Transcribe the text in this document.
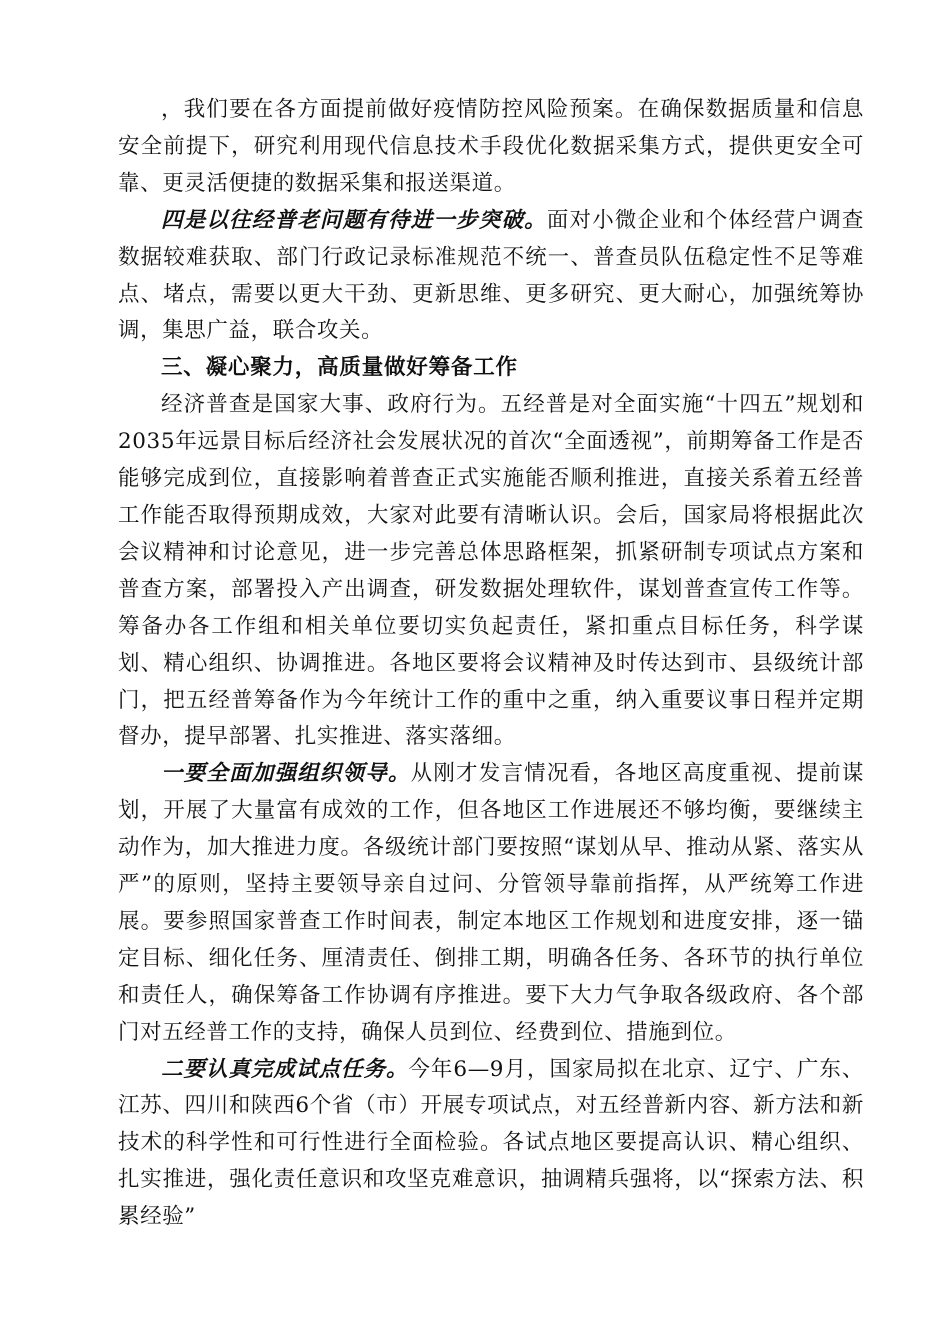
，我们要在各方面提前做好疫情防控风险预案。在确保数据质量和信息安全前提下，研究利用现代信息技术手段优化数据采集方式，提供更安全可靠、更灵活便捷的数据采集和报送渠道。

四是以往经普老问题有待进一步突破。面对小微企业和个体经营户调查数据较难获取、部门行政记录标准规范不统一、普查员队伍稳定性不足等难点、堵点，需要以更大干劲、更新思维、更多研究、更大耐心，加强统筹协调，集思广益，联合攻关。

三、凝心聚力，高质量做好筹备工作

经济普查是国家大事、政府行为。五经普是对全面实施“十四五”规划和2035年远景目标后经济社会发展状况的首次“全面透视”，前期筹备工作是否能够完成到位，直接影响着普查正式实施能否顺利推进，直接关系着五经普工作能否取得预期成效，大家对此要有清晰认识。会后，国家局将根据此次会议精神和讨论意见，进一步完善总体思路框架，抓紧研制专项试点方案和普查方案，部署投入产出调查，研发数据处理软件，谋划普查宣传工作等。筹备办各工作组和相关单位要切实负起责任，紧扣重点目标任务，科学谋划、精心组织、协调推进。各地区要将会议精神及时传达到市、县级统计部门，把五经普筹备作为今年统计工作的重中之重，纳入重要议事日程并定期督办，提早部署、扎实推进、落实落细。

一要全面加强组织领导。从刚才发言情况看，各地区高度重视、提前谋划，开展了大量富有成效的工作，但各地区工作进展还不够均衡，要继续主动作为，加大推进力度。各级统计部门要按照“谋划从早、推动从紧、落实从严”的原则，坚持主要领导亲自过问、分管领导靠前指挥，从严统筹工作进展。要参照国家普查工作时间表，制定本地区工作规划和进度安排，逐一锚定目标、细化任务、厘清责任、倒排工期，明确各任务、各环节的执行单位和责任人，确保筹备工作协调有序推进。要下大力气争取各级政府、各个部门对五经普工作的支持，确保人员到位、经费到位、措施到位。

二要认真完成试点任务。今年6—9月，国家局拟在北京、辽宁、广东、江苏、四川和陕西6个省（市）开展专项试点，对五经普新内容、新方法和新技术的科学性和可行性进行全面检验。各试点地区要提高认识、精心组织、扎实推进，强化责任意识和攻坚克难意识，抽调精兵强将，以“探索方法、积累经验”
